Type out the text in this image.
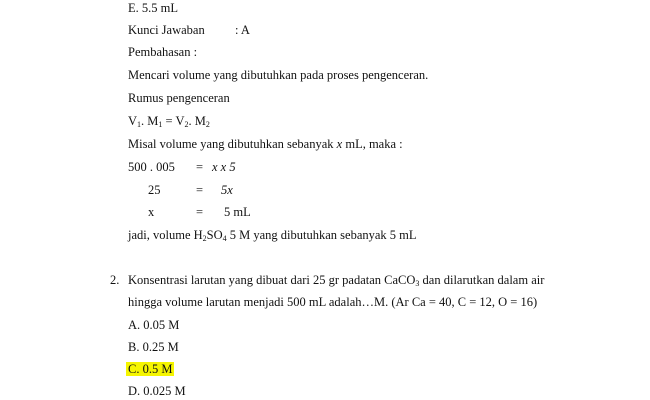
E. 5.5 mL
Kunci Jawaban : A
Pembahasan :
Mencari volume yang dibutuhkan pada proses pengenceran.
Rumus pengenceran
$V_1$. $M_1 = V_2$. $M_2$
Misal volume yang dibutuhkan sebanyak x mL, maka :
500 . 005 = x x 5
25	= 5x
x	= 5 mL
jadi, volume $H_2SO_4$ 5 M yang dibutuhkan sebanyak 5 mL
2. Konsentrasi larutan yang dibuat dari 25 gr padatan CaCO$_3$ dan dilarutkan dalam air
hingga volume larutan menjadi 500 mL adalah…M. (Ar Ca = 40, C = 12, O = 16)
A. 0.05 M
B. 0.25 M
C. 0.5 M
D. 0.025 M
